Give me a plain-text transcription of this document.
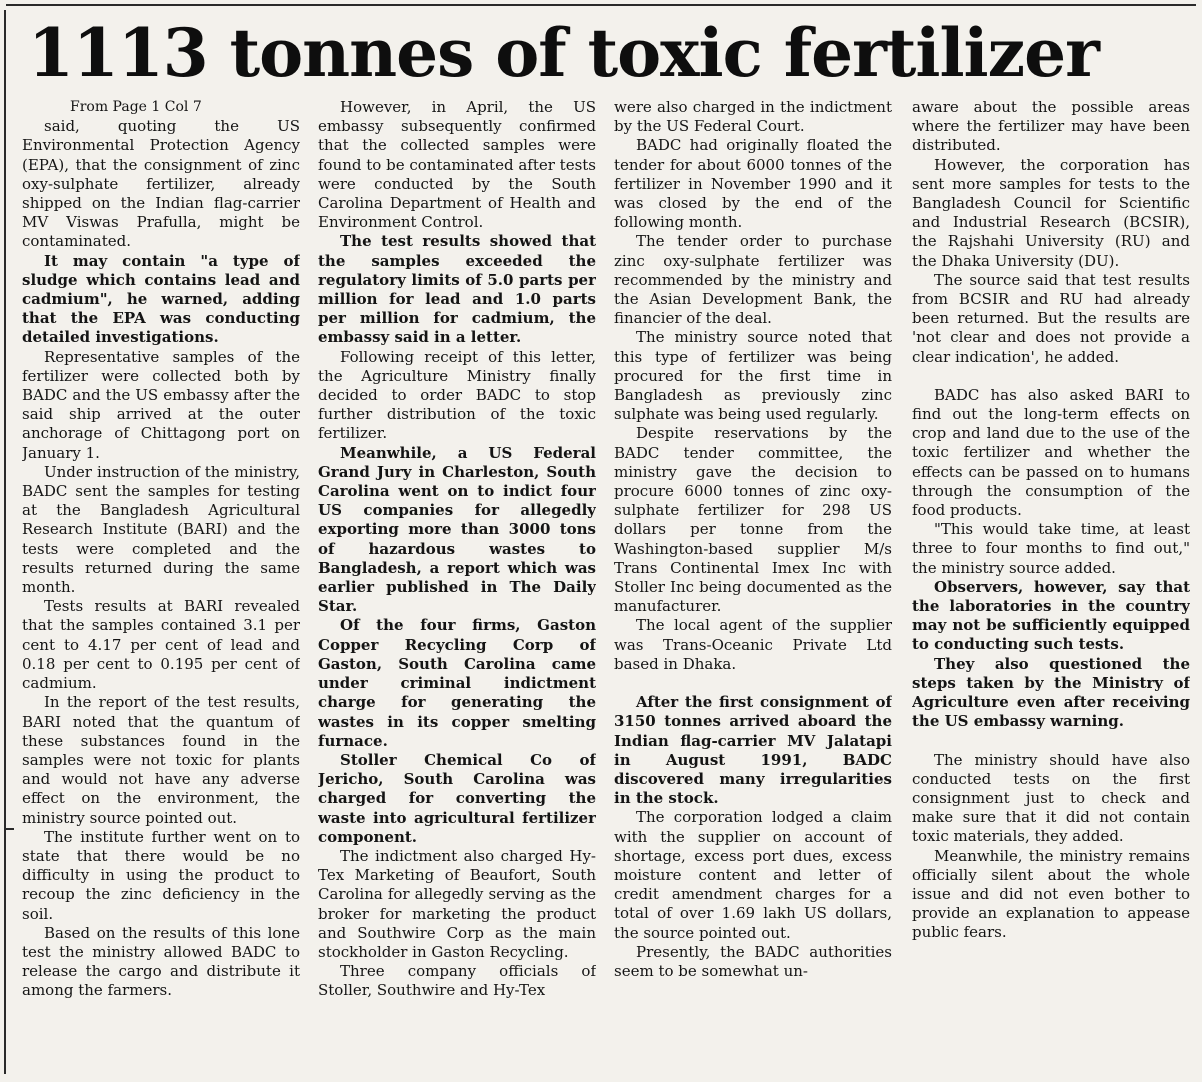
1113 tonnes of toxic fertilizer
From Page 1 Col 7

said, quoting the US Environmental Protection Agency (EPA), that the consignment of zinc oxy-sulphate fertilizer, already shipped on the Indian flag-carrier MV Viswas Prafulla, might be contaminated.

It may contain "a type of sludge which contains lead and cadmium", he warned, adding that the EPA was conducting detailed investigations.

Representative samples of the fertilizer were collected both by BADC and the US embassy after the said ship arrived at the outer anchorage of Chittagong port on January 1.

Under instruction of the ministry, BADC sent the samples for testing at the Bangladesh Agricultural Research Institute (BARI) and the tests were completed and the results returned during the same month.

Tests results at BARI revealed that the samples contained 3.1 per cent to 4.17 per cent of lead and 0.18 per cent to 0.195 per cent of cadmium.

In the report of the test results, BARI noted that the quantum of these substances found in the samples were not toxic for plants and would not have any adverse effect on the environment, the ministry source pointed out.

The institute further went on to state that there would be no difficulty in using the product to recoup the zinc deficiency in the soil.

Based on the results of this lone test the ministry allowed BADC to release the cargo and distribute it among the farmers.

However, in April, the US embassy subsequently confirmed that the collected samples were found to be contaminated after tests were conducted by the South Carolina Department of Health and Environment Control.

The test results showed that the samples exceeded the regulatory limits of 5.0 parts per million for lead and 1.0 parts per million for cadmium, the embassy said in a letter.

Following receipt of this letter, the Agriculture Ministry finally decided to order BADC to stop further distribution of the toxic fertilizer.

Meanwhile, a US Federal Grand Jury in Charleston, South Carolina went on to indict four US companies for allegedly exporting more than 3000 tons of hazardous wastes to Bangladesh, a report which was earlier published in The Daily Star.

Of the four firms, Gaston Copper Recycling Corp of Gaston, South Carolina came under criminal indictment charge for generating the wastes in its copper smelting furnace.

Stoller Chemical Co of Jericho, South Carolina was charged for converting the waste into agricultural fertilizer component.

The indictment also charged Hy-Tex Marketing of Beaufort, South Carolina for allegedly serving as the broker for marketing the product and Southwire Corp as the main stockholder in Gaston Recycling.

Three company officials of Stoller, Southwire and Hy-Tex

were also charged in the indictment by the US Federal Court.

BADC had originally floated the tender for about 6000 tonnes of the fertilizer in November 1990 and it was closed by the end of the following month.

The tender order to purchase zinc oxy-sulphate fertilizer was recommended by the ministry and the Asian Development Bank, the financier of the deal.

The ministry source noted that this type of fertilizer was being procured for the first time in Bangladesh as previously zinc sulphate was being used regularly.

Despite reservations by the BADC tender committee, the ministry gave the decision to procure 6000 tonnes of zinc oxy-sulphate fertilizer for 298 US dollars per tonne from the Washington-based supplier M/s Trans Continental Imex Inc with Stoller Inc being documented as the manufacturer.

The local agent of the supplier was Trans-Oceanic Private Ltd based in Dhaka.

After the first consignment of 3150 tonnes arrived aboard the Indian flag-carrier MV Jalatapi in August 1991, BADC discovered many irregularities in the stock.

The corporation lodged a claim with the supplier on account of shortage, excess port dues, excess moisture content and letter of credit amendment charges for a total of over 1.69 lakh US dollars, the source pointed out.

Presently, the BADC authorities seem to be somewhat un-

aware about the possible areas where the fertilizer may have been distributed.

However, the corporation has sent more samples for tests to the Bangladesh Council for Scientific and Industrial Research (BCSIR), the Rajshahi University (RU) and the Dhaka University (DU).

The source said that test results from BCSIR and RU had already been returned. But the results are 'not clear and does not provide a clear indication', he added.

BADC has also asked BARI to find out the long-term effects on crop and land due to the use of the toxic fertilizer and whether the effects can be passed on to humans through the consumption of the food products.

"This would take time, at least three to four months to find out," the ministry source added.

Observers, however, say that the laboratories in the country may not be sufficiently equipped to conducting such tests.

They also questioned the steps taken by the Ministry of Agriculture even after receiving the US embassy warning.

The ministry should have also conducted tests on the first consignment just to check and make sure that it did not contain toxic materials, they added.

Meanwhile, the ministry remains officially silent about the whole issue and did not even bother to provide an explanation to appease public fears.
